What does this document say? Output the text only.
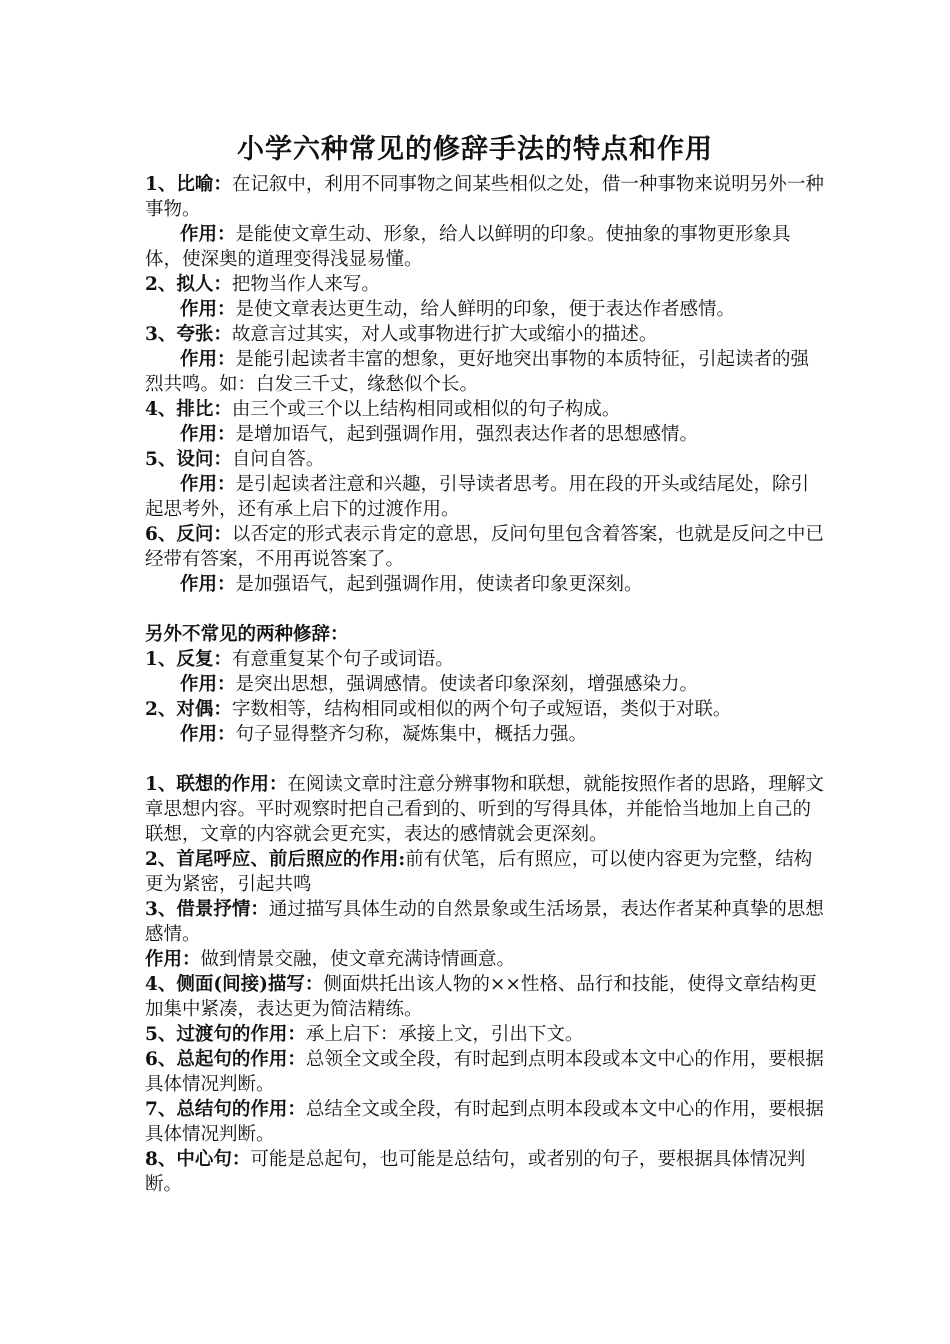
小学六种常见的修辞手法的特点和作用

1、比喻：在记叙中，利用不同事物之间某些相似之处，借一种事物来说明另外一种事物。

作用：是能使文章生动、形象，给人以鲜明的印象。使抽象的事物更形象具体，使深奥的道理变得浅显易懂。

2、拟人：把物当作人来写。

作用：是使文章表达更生动，给人鲜明的印象，便于表达作者感情。

3、夸张：故意言过其实，对人或事物进行扩大或缩小的描述。

作用：是能引起读者丰富的想象，更好地突出事物的本质特征，引起读者的强烈共鸣。如：白发三千丈，缘愁似个长。

4、排比：由三个或三个以上结构相同或相似的句子构成。

作用：是增加语气，起到强调作用，强烈表达作者的思想感情。

5、设问：自问自答。

作用：是引起读者注意和兴趣，引导读者思考。用在段的开头或结尾处，除引起思考外，还有承上启下的过渡作用。

6、反问：以否定的形式表示肯定的意思，反问句里包含着答案，也就是反问之中已经带有答案，不用再说答案了。

作用：是加强语气，起到强调作用，使读者印象更深刻。

另外不常见的两种修辞：

1、反复：有意重复某个句子或词语。

作用：是突出思想，强调感情。使读者印象深刻，增强感染力。

2、对偶：字数相等，结构相同或相似的两个句子或短语，类似于对联。

作用：句子显得整齐匀称，凝炼集中，概括力强。

1、联想的作用：在阅读文章时注意分辨事物和联想，就能按照作者的思路，理解文章思想内容。平时观察时把自己看到的、听到的写得具体，并能恰当地加上自己的联想，文章的内容就会更充实，表达的感情就会更深刻。

2、首尾呼应、前后照应的作用:前有伏笔，后有照应，可以使内容更为完整，结构更为紧密，引起共鸣

3、借景抒情：通过描写具体生动的自然景象或生活场景，表达作者某种真挚的思想感情。

作用：做到情景交融，使文章充满诗情画意。

4、侧面(间接)描写：侧面烘托出该人物的××性格、品行和技能，使得文章结构更加集中紧凑，表达更为简洁精练。

5、过渡句的作用：承上启下：承接上文，引出下文。

6、总起句的作用：总领全文或全段，有时起到点明本段或本文中心的作用，要根据具体情况判断。

7、总结句的作用：总结全文或全段，有时起到点明本段或本文中心的作用，要根据具体情况判断。

8、中心句：可能是总起句，也可能是总结句，或者别的句子，要根据具体情况判断。
